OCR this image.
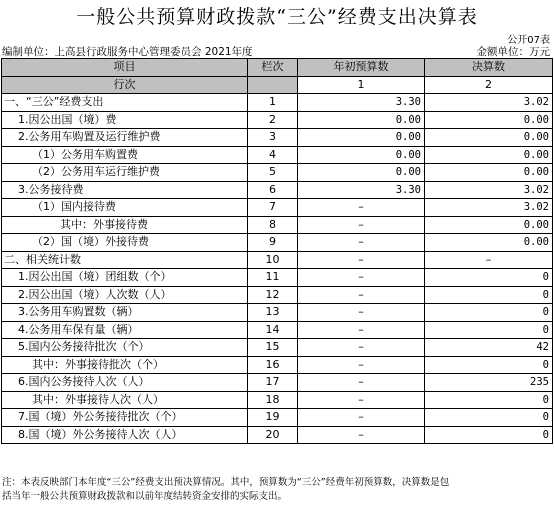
一般公共预算财政拨款“三公”经费支出决算表
公开07表
编制单位：上高县行政服务中心管理委员会 2021年度	金额单位：万元
项目	栏次	年初预算数	决算数
行次		1	2
一、“三公”经费支出	1	3.30	3.02
1.因公出国（境）费	2	0.00	0.00
2.公务用车购置及运行维护费	3	0.00	0.00
（1）公务用车购置费	4	0.00	0.00
（2）公务用车运行维护费	5	0.00	0.00
3.公务接待费	6	3.30	3.02
（1）国内接待费	7	–	3.02
其中：外事接待费	8	–	0.00
（2）国（境）外接待费	9	–	0.00
二、相关统计数	10	–	–
1.因公出国（境）团组数（个）	11	–	0
2.因公出国（境）人次数（人）	12	–	0
3.公务用车购置数（辆）	13	–	0
4.公务用车保有量（辆）	14	–	0
5.国内公务接待批次（个）	15	–	42
其中：外事接待批次（个）	16	–	0
6.国内公务接待人次（人）	17	–	235
其中：外事接待人次（人）	18	–	0
7.国（境）外公务接待批次（个）	19	–	0
8.国（境）外公务接待人次（人）	20	–	0
注：本表反映部门本年度“三公”经费支出预决算情况。其中，预算数为“三公”经费年初预算数，决算数是包
括当年一般公共预算财政拨款和以前年度结转资金安排的实际支出。
